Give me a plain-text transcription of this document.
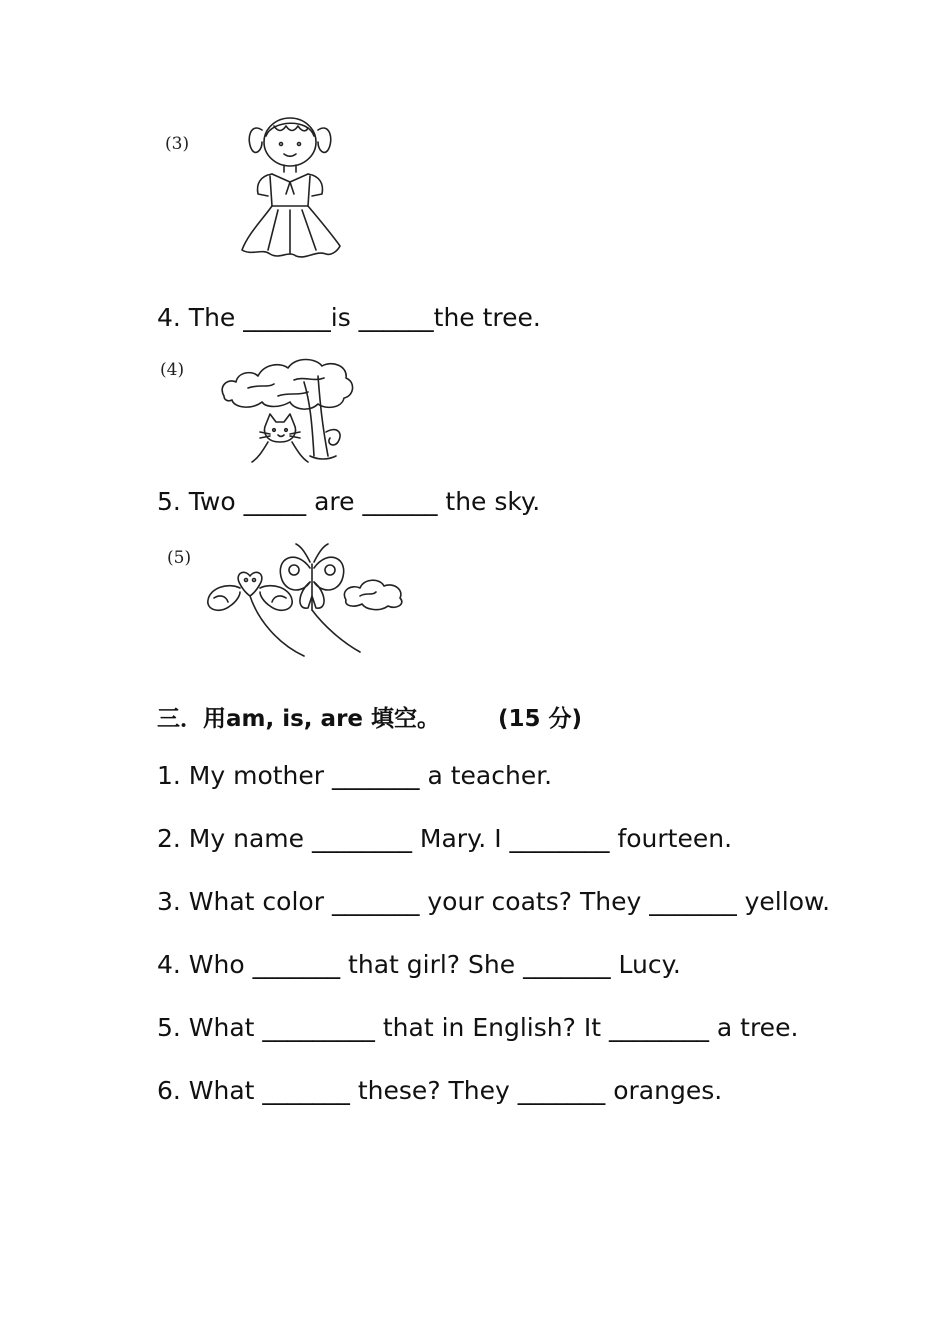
(3)
4. The _______is ______the tree.
(4)
5. Two _____ are ______ the sky.
(5)
三．用am, is, are 填空。	(15 分)
1. My mother _______ a teacher.
2. My name ________ Mary. I ________ fourteen.
3. What color _______ your coats? They _______ yellow.
4. Who _______ that girl? She _______ Lucy.
5. What _________ that in English? It ________ a tree.
6. What _______ these? They _______ oranges.
